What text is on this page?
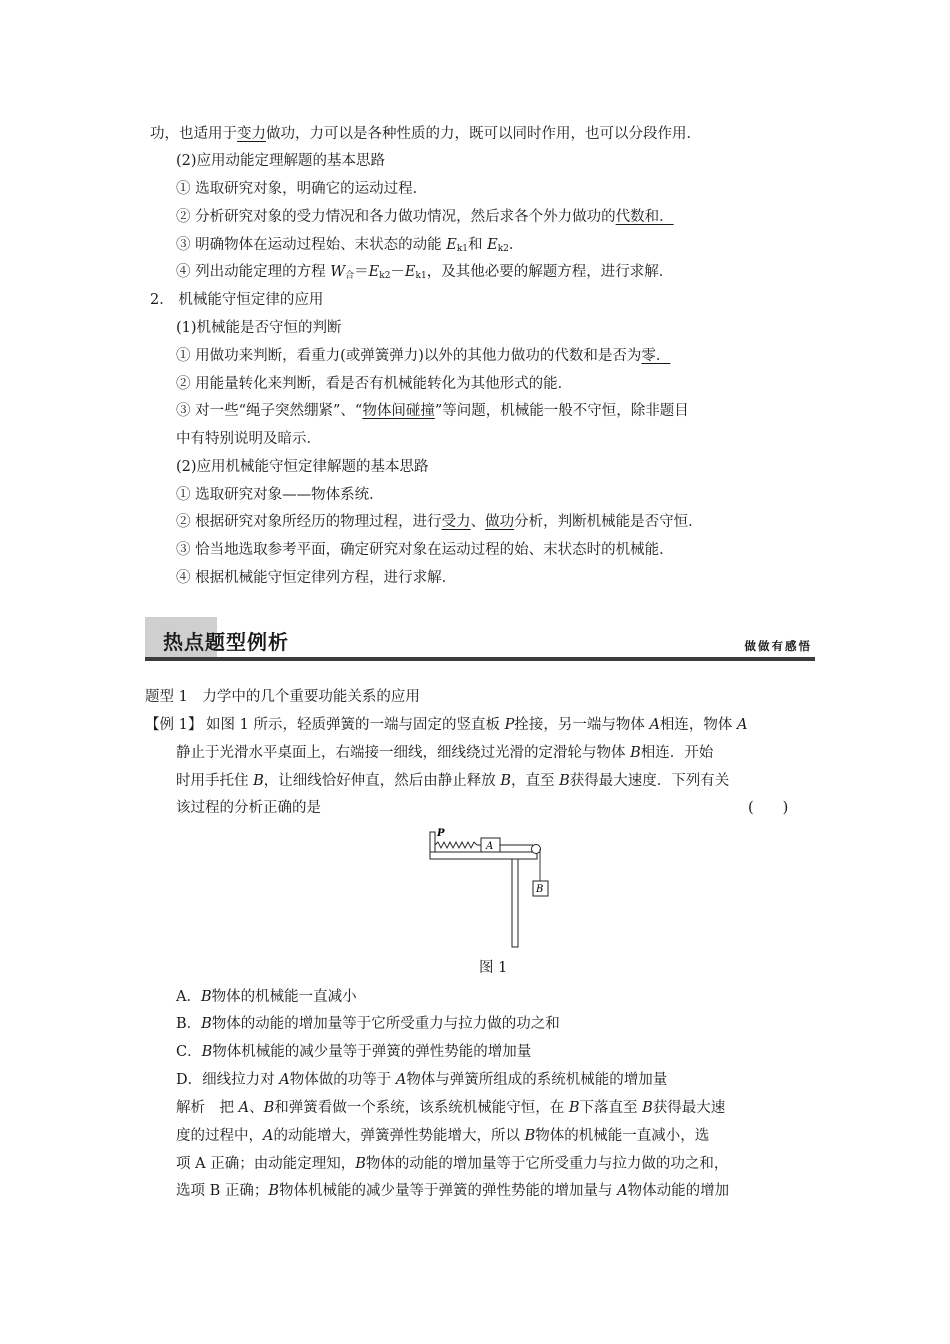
功，也适用于变力做功，力可以是各种性质的力，既可以同时作用，也可以分段作用．
(2)应用动能定理解题的基本思路
① 选取研究对象，明确它的运动过程．
② 分析研究对象的受力情况和各力做功情况，然后求各个外力做功的代数和．
③ 明确物体在运动过程始、末状态的动能 $E_{k1}$和 $E_{k2}$．
④ 列出动能定理的方程 $W_合=E_{k2}-E_{k1}$，及其他必要的解题方程，进行求解．
2． 机械能守恒定律的应用
(1)机械能是否守恒的判断
① 用做功来判断，看重力(或弹簧弹力)以外的其他力做功的代数和是否为零．
② 用能量转化来判断，看是否有机械能转化为其他形式的能．
③ 对一些“绳子突然绷紧”、“物体间碰撞”等问题，机械能一般不守恒，除非题目
中有特别说明及暗示．
(2)应用机械能守恒定律解题的基本思路
① 选取研究对象——物体系统．
② 根据研究对象所经历的物理过程，进行受力、做功分析，判断机械能是否守恒．
③ 恰当地选取参考平面，确定研究对象在运动过程的始、末状态时的机械能．
④ 根据机械能守恒定律列方程，进行求解．
热点题型例析	做做有感悟
题型 1　力学中的几个重要功能关系的应用
【例 1】 如图 1 所示，轻质弹簧的一端与固定的竖直板 P拴接，另一端与物体 A相连，物体 A
静止于光滑水平桌面上，右端接一细线，细线绕过光滑的定滑轮与物体 B相连．开始
时用手托住 B，让细线恰好伸直，然后由静止释放 B，直至 B获得最大速度．下列有关
该过程的分析正确的是	(　　)
P
A
B
图 1
A．B物体的机械能一直减小
B．B物体的动能的增加量等于它所受重力与拉力做的功之和
C．B物体机械能的减少量等于弹簧的弹性势能的增加量
D．细线拉力对 A物体做的功等于 A物体与弹簧所组成的系统机械能的增加量
解析　把 A、B和弹簧看做一个系统，该系统机械能守恒，在 B下落直至 B获得最大速
度的过程中，A的动能增大，弹簧弹性势能增大，所以 B物体的机械能一直减小，选
项 A 正确；由动能定理知，B物体的动能的增加量等于它所受重力与拉力做的功之和，
选项 B 正确；B物体机械能的减少量等于弹簧的弹性势能的增加量与 A物体动能的增加
